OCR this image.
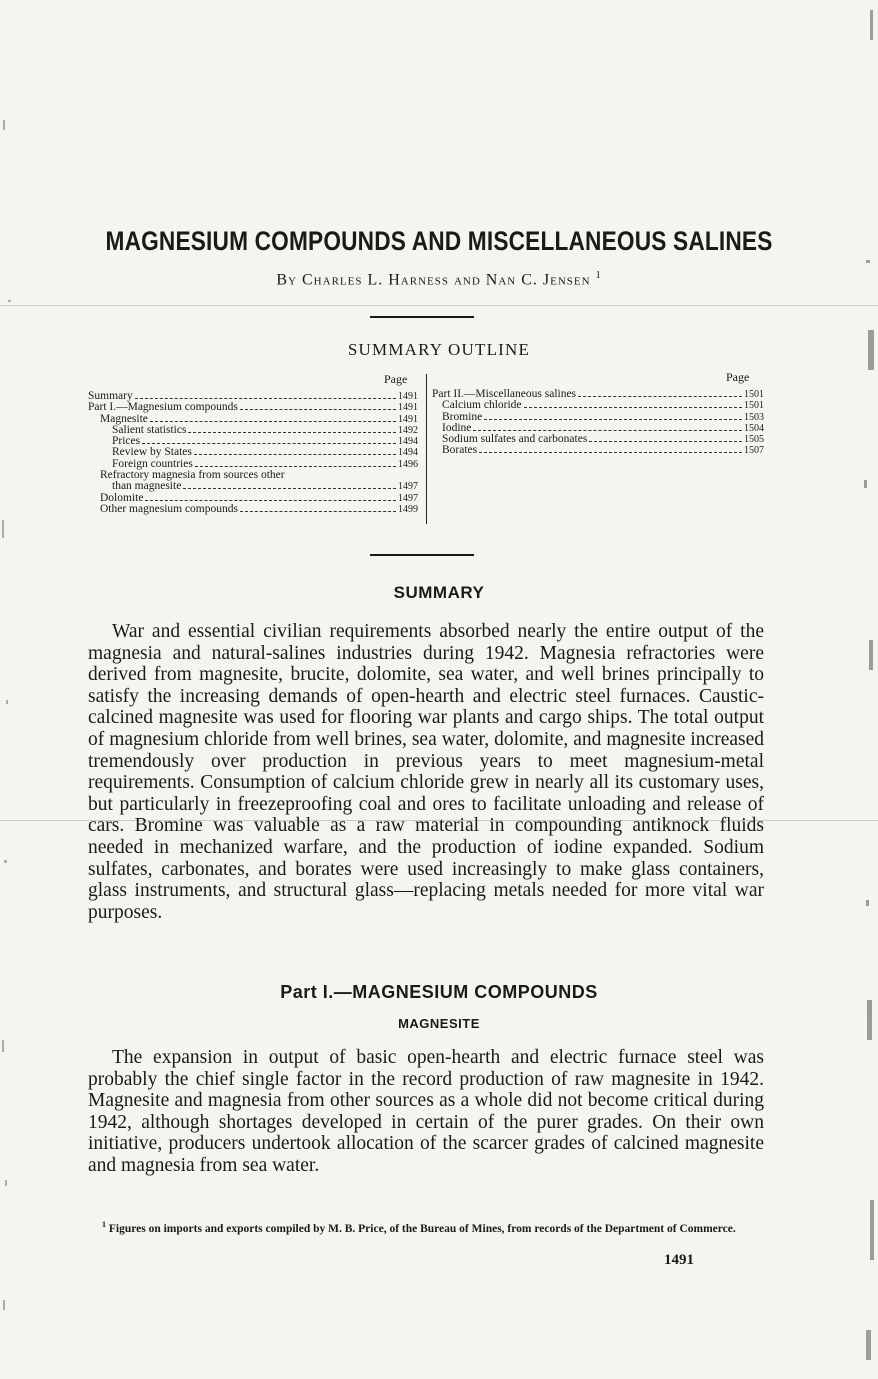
MAGNESIUM COMPOUNDS AND MISCELLANEOUS SALINES
By Charles L. Harness and Nan C. Jensen $^1$
SUMMARY OUTLINE
Page	Page
Summary	1491
Part I.—Magnesium compounds	1491
Magnesite	1491
Salient statistics	1492
Prices	1494
Review by States	1494
Foreign countries	1496
Refractory magnesia from sources other
than magnesite	1497
Dolomite	1497
Other magnesium compounds	1499
Part II.—Miscellaneous salines	1501
Calcium chloride	1501
Bromine	1503
Iodine	1504
Sodium sulfates and carbonates	1505
Borates	1507
SUMMARY
War and essential civilian requirements absorbed nearly the entire output of the magnesia and natural-salines industries during 1942. Magnesia refractories were derived from magnesite, brucite, dolomite, sea water, and well brines principally to satisfy the increasing demands of open-hearth and electric steel furnaces. Caustic-calcined magnesite was used for flooring war plants and cargo ships. The total output of magnesium chloride from well brines, sea water, dolomite, and magnesite increased tremendously over production in previous years to meet magnesium-metal requirements. Consumption of calcium chloride grew in nearly all its customary uses, but particularly in freezeproofing coal and ores to facilitate unloading and release of cars. Bromine was valuable as a raw material in compounding antiknock fluids needed in mechanized warfare, and the production of iodine expanded. Sodium sulfates, carbonates, and borates were used increasingly to make glass containers, glass instruments, and structural glass—replacing metals needed for more vital war purposes.
Part I.—MAGNESIUM COMPOUNDS
MAGNESITE
The expansion in output of basic open-hearth and electric furnace steel was probably the chief single factor in the record production of raw magnesite in 1942. Magnesite and magnesia from other sources as a whole did not become critical during 1942, although shortages developed in certain of the purer grades. On their own initiative, producers undertook allocation of the scarcer grades of calcined magnesite and magnesia from sea water.
$^1$ Figures on imports and exports compiled by M. B. Price, of the Bureau of Mines, from records of the Department of Commerce.
1491
